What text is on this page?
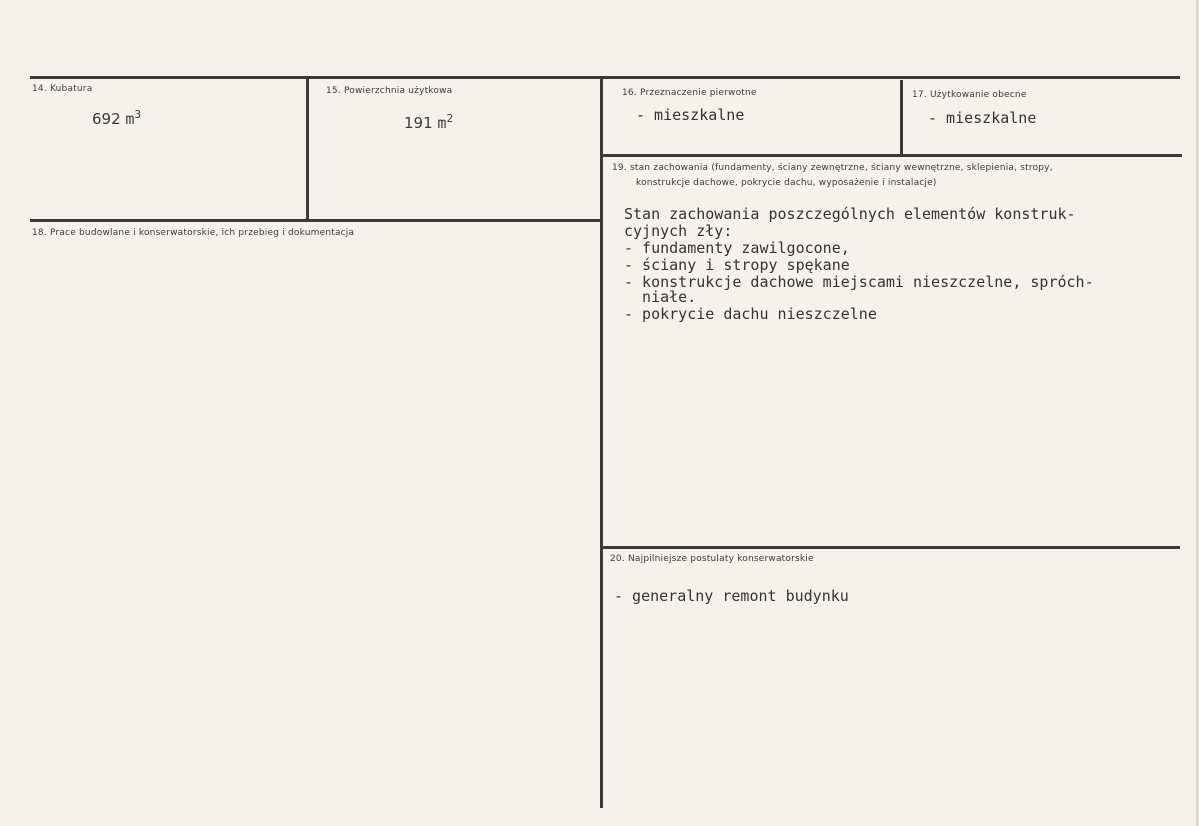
14. Kubatura
692 $m^3$
15. Powierzchnia użytkowa
191 $m^2$
16. Przeznaczenie pierwotne
- mieszkalne
17. Użytkowanie obecne
- mieszkalne
18. Prace budowlane i konserwatorskie, ich przebieg i dokumentacja
19. stan zachowania (fundamenty, ściany zewnętrzne, ściany wewnętrzne, sklepienia, stropy,
konstrukcje dachowe, pokrycie dachu, wyposażenie i instalacje)
Stan zachowania poszczególnych elementów konstruk-
cyjnych zły:
- fundamenty zawilgocone,
- ściany i stropy spękane
- konstrukcje dachowe miejscami nieszczelne, spróch-
niałe.
- pokrycie dachu nieszczelne
20. Najpilniejsze postulaty konserwatorskie
- generalny remont budynku
